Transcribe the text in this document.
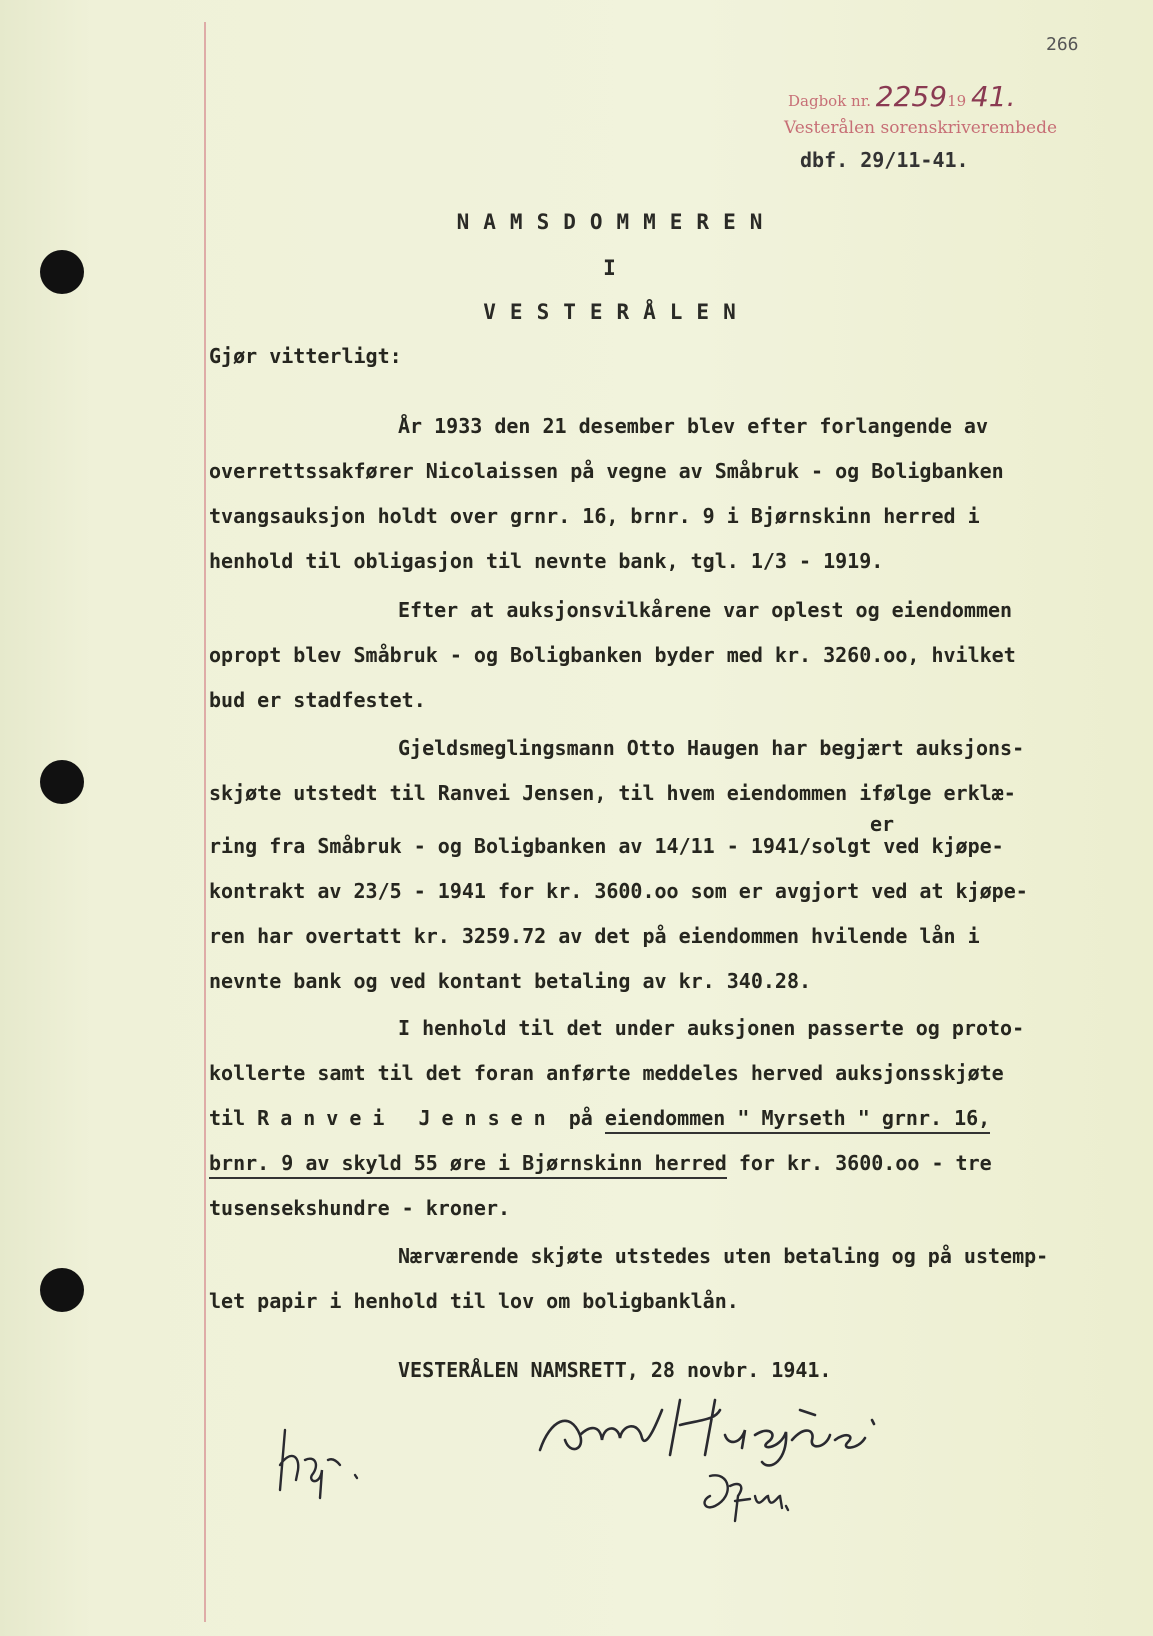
266
Dagbok nr. 225919 41.
Vesterålen sorenskriverembede
dbf. 29/11-41.
NAMSDOMMEREN
I
VESTERÅLEN
Gjør vitterligt:
År 1933 den 21 desember blev efter forlangende av
overrettssakfører Nicolaissen på vegne av Småbruk - og Boligbanken
tvangsauksjon holdt over grnr. 16, brnr. 9 i Bjørnskinn herred i
henhold til obligasjon til nevnte bank, tgl. 1/3 - 1919.
Efter at auksjonsvilkårene var oplest og eiendommen
opropt blev Småbruk - og Boligbanken byder med kr. 3260.oo, hvilket
bud er stadfestet.
Gjeldsmeglingsmann Otto Haugen har begjært auksjons-
skjøte utstedt til Ranvei Jensen, til hvem eiendommen ifølge erklæ-
er
ring fra Småbruk - og Boligbanken av 14/11 - 1941/solgt ved kjøpe-
kontrakt av 23/5 - 1941 for kr. 3600.oo som er avgjort ved at kjøpe-
ren har overtatt kr. 3259.72 av det på eiendommen hvilende lån i
nevnte bank og ved kontant betaling av kr. 340.28.
I henhold til det under auksjonen passerte og proto-
kollerte samt til det foran anførte meddeles herved auksjonsskjøte
til Ranvei Jensen på eiendommen " Myrseth " grnr. 16,
brnr. 9 av skyld 55 øre i Bjørnskinn herred for kr. 3600.oo - tre
tusensekshundre - kroner.
Nærværende skjøte utstedes uten betaling og på ustemp-
let papir i henhold til lov om boligbanklån.
VESTERÅLEN NAMSRETT, 28 novbr. 1941.
